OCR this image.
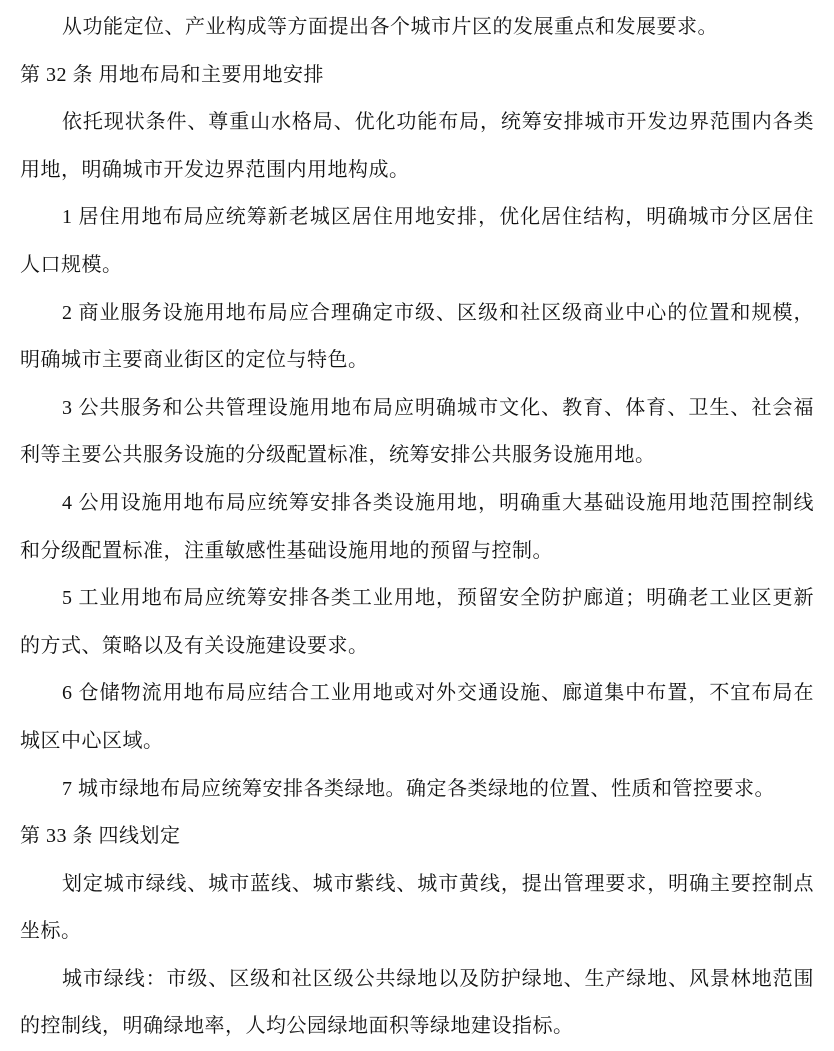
从功能定位、产业构成等方面提出各个城市片区的发展重点和发展要求。

第 32 条 用地布局和主要用地安排

依托现状条件、尊重山水格局、优化功能布局，统筹安排城市开发边界范围内各类用地，明确城市开发边界范围内用地构成。

1 居住用地布局应统筹新老城区居住用地安排，优化居住结构，明确城市分区居住人口规模。

2 商业服务设施用地布局应合理确定市级、区级和社区级商业中心的位置和规模，明确城市主要商业街区的定位与特色。

3 公共服务和公共管理设施用地布局应明确城市文化、教育、体育、卫生、社会福利等主要公共服务设施的分级配置标准，统筹安排公共服务设施用地。

4 公用设施用地布局应统筹安排各类设施用地，明确重大基础设施用地范围控制线和分级配置标准，注重敏感性基础设施用地的预留与控制。

5 工业用地布局应统筹安排各类工业用地，预留安全防护廊道；明确老工业区更新的方式、策略以及有关设施建设要求。

6 仓储物流用地布局应结合工业用地或对外交通设施、廊道集中布置，不宜布局在城区中心区域。

7 城市绿地布局应统筹安排各类绿地。确定各类绿地的位置、性质和管控要求。

第 33 条 四线划定

划定城市绿线、城市蓝线、城市紫线、城市黄线，提出管理要求，明确主要控制点坐标。

城市绿线：市级、区级和社区级公共绿地以及防护绿地、生产绿地、风景林地范围的控制线，明确绿地率，人均公园绿地面积等绿地建设指标。
